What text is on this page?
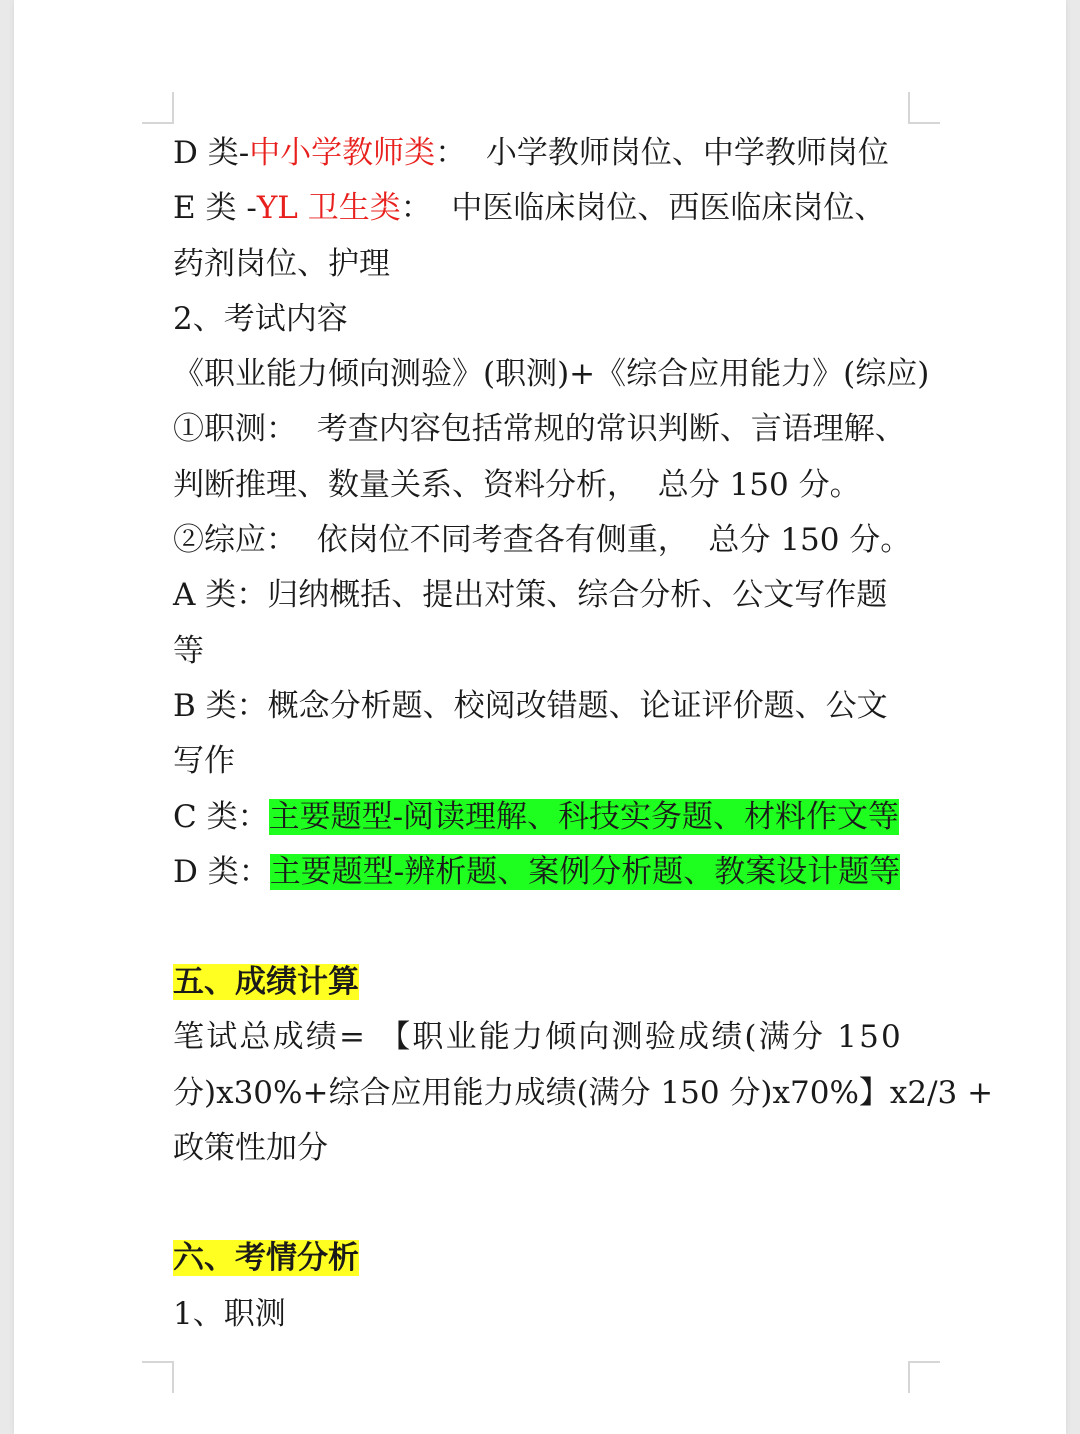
D 类-中小学教师类：  小学教师岗位、中学教师岗位
E 类 -YL 卫生类：  中医临床岗位、西医临床岗位、
药剂岗位、护理
2、考试内容
《职业能力倾向测验》(职测)+《综合应用能力》(综应)
①职测：  考查内容包括常规的常识判断、言语理解、
判断推理、数量关系、资料分析，  总分 150 分。
②综应：  依岗位不同考查各有侧重，  总分 150 分。
A 类：归纳概括、提出对策、综合分析、公文写作题
等
B 类：概念分析题、校阅改错题、论证评价题、公文
写作
C 类：主要题型-阅读理解、科技实务题、材料作文等
D 类：主要题型-辨析题、案例分析题、教案设计题等
五、成绩计算
笔试总成绩= 【职业能力倾向测验成绩(满分 150
分)x30%+综合应用能力成绩(满分 150 分)x70%】x2/3 +
政策性加分
六、考情分析
1、职测
